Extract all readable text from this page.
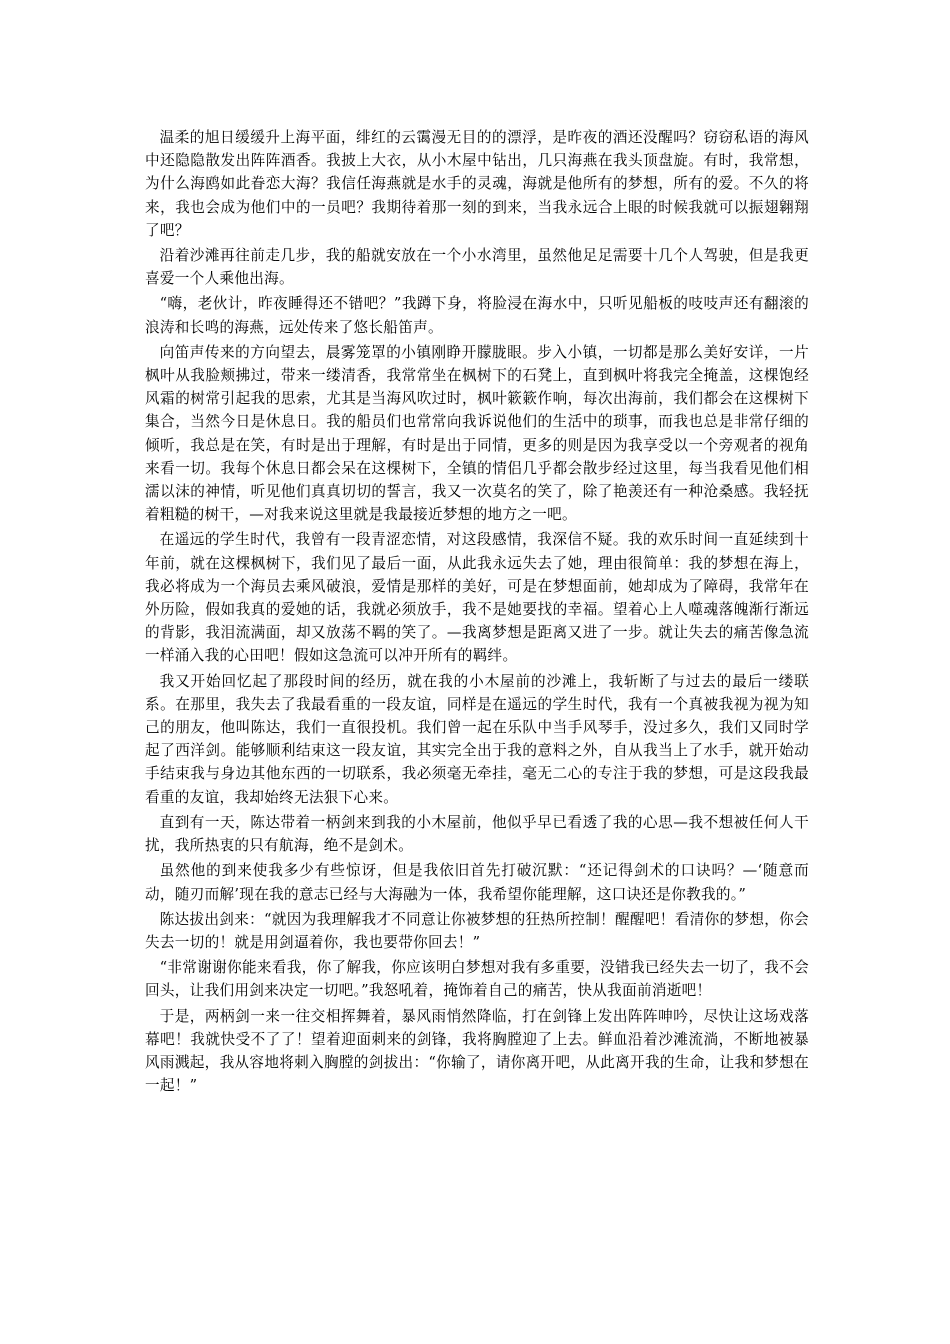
温柔的旭日缓缓升上海平面，绯红的云霭漫无目的的漂浮，是昨夜的酒还没醒吗？窃窃私语的海风中还隐隐散发出阵阵酒香。我披上大衣，从小木屋中钻出，几只海燕在我头顶盘旋。有时，我常想，为什么海鸥如此眷恋大海？我信任海燕就是水手的灵魂，海就是他所有的梦想，所有的爱。不久的将来，我也会成为他们中的一员吧？我期待着那一刻的到来，当我永远合上眼的时候我就可以振翅翱翔了吧？

沿着沙滩再往前走几步，我的船就安放在一个小水湾里，虽然他足足需要十几个人驾驶，但是我更喜爱一个人乘他出海。

“嗨，老伙计，昨夜睡得还不错吧？”我蹲下身，将脸浸在海水中，只听见船板的吱吱声还有翻滚的浪涛和长鸣的海燕，远处传来了悠长船笛声。

向笛声传来的方向望去，晨雾笼罩的小镇刚睁开朦胧眼。步入小镇，一切都是那么美好安详，一片枫叶从我脸颊拂过，带来一缕清香，我常常坐在枫树下的石凳上，直到枫叶将我完全掩盖，这棵饱经风霜的树常引起我的思索，尤其是当海风吹过时，枫叶簌簌作响，每次出海前，我们都会在这棵树下集合，当然今日是休息日。我的船员们也常常向我诉说他们的生活中的琐事，而我也总是非常仔细的倾听，我总是在笑，有时是出于理解，有时是出于同情，更多的则是因为我享受以一个旁观者的视角来看一切。我每个休息日都会呆在这棵树下，全镇的情侣几乎都会散步经过这里，每当我看见他们相濡以沫的神情，听见他们真真切切的誓言，我又一次莫名的笑了，除了艳羡还有一种沧桑感。我轻抚着粗糙的树干，—对我来说这里就是我最接近梦想的地方之一吧。

在遥远的学生时代，我曾有一段青涩恋情，对这段感情，我深信不疑。我的欢乐时间一直延续到十年前，就在这棵枫树下，我们见了最后一面，从此我永远失去了她，理由很简单：我的梦想在海上，我必将成为一个海员去乘风破浪，爱情是那样的美好，可是在梦想面前，她却成为了障碍，我常年在外历险，假如我真的爱她的话，我就必须放手，我不是她要找的幸福。望着心上人噬魂落魄渐行渐远的背影，我泪流满面，却又放荡不羁的笑了。—我离梦想是距离又进了一步。就让失去的痛苦像急流一样涌入我的心田吧！假如这急流可以冲开所有的羁绊。

我又开始回忆起了那段时间的经历，就在我的小木屋前的沙滩上，我斩断了与过去的最后一缕联系。在那里，我失去了我最看重的一段友谊，同样是在遥远的学生时代，我有一个真被我视为视为知己的朋友，他叫陈达，我们一直很投机。我们曾一起在乐队中当手风琴手，没过多久，我们又同时学起了西洋剑。能够顺利结束这一段友谊，其实完全出于我的意料之外，自从我当上了水手，就开始动手结束我与身边其他东西的一切联系，我必须毫无牵挂，毫无二心的专注于我的梦想，可是这段我最看重的友谊，我却始终无法狠下心来。

直到有一天，陈达带着一柄剑来到我的小木屋前，他似乎早已看透了我的心思—我不想被任何人干扰，我所热衷的只有航海，绝不是剑术。

虽然他的到来使我多少有些惊讶，但是我依旧首先打破沉默：“还记得剑术的口诀吗？—‘随意而动，随刃而解’现在我的意志已经与大海融为一体，我希望你能理解，这口诀还是你教我的。”

陈达拔出剑来：“就因为我理解我才不同意让你被梦想的狂热所控制！醒醒吧！看清你的梦想，你会失去一切的！就是用剑逼着你，我也要带你回去！”

“非常谢谢你能来看我，你了解我，你应该明白梦想对我有多重要，没错我已经失去一切了，我不会回头，让我们用剑来决定一切吧。”我怒吼着，掩饰着自己的痛苦，快从我面前消逝吧！

于是，两柄剑一来一往交相挥舞着，暴风雨悄然降临，打在剑锋上发出阵阵呻吟，尽快让这场戏落幕吧！我就快受不了了！望着迎面刺来的剑锋，我将胸膛迎了上去。鲜血沿着沙滩流淌，不断地被暴风雨溅起，我从容地将刺入胸膛的剑拔出：“你输了，请你离开吧，从此离开我的生命，让我和梦想在一起！”
